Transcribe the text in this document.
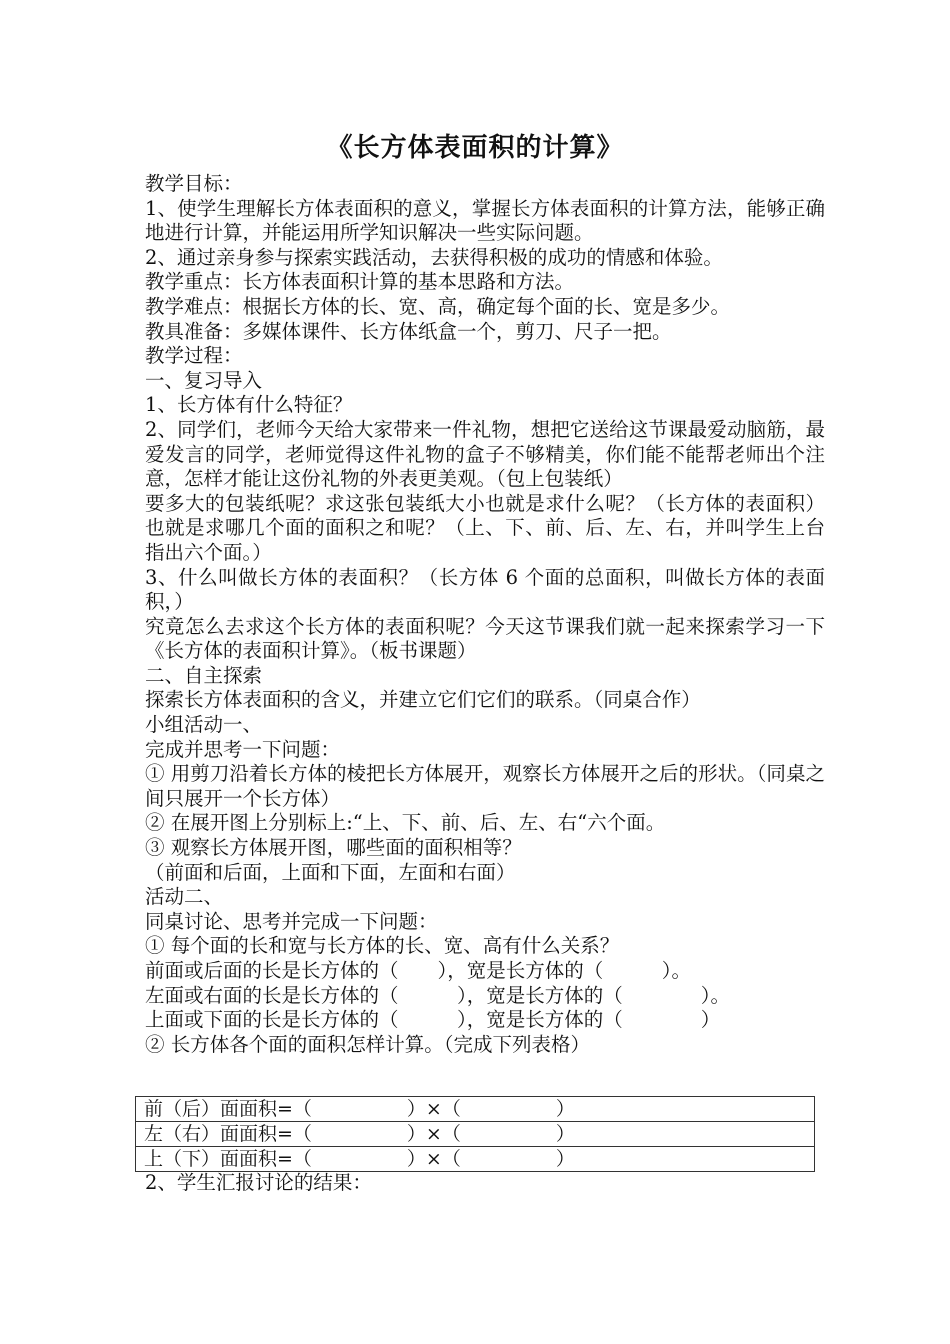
《长方体表面积的计算》

教学目标：

1、使学生理解长方体表面积的意义，掌握长方体表面积的计算方法，能够正确地进行计算，并能运用所学知识解决一些实际问题。

2、通过亲身参与探索实践活动，去获得积极的成功的情感和体验。

教学重点：长方体表面积计算的基本思路和方法。

教学难点：根据长方体的长、宽、高，确定每个面的长、宽是多少。

教具准备：多媒体课件、长方体纸盒一个，剪刀、尺子一把。

教学过程：

一、复习导入

1、长方体有什么特征？

2、同学们，老师今天给大家带来一件礼物，想把它送给这节课最爱动脑筋，最爱发言的同学，老师觉得这件礼物的盒子不够精美，你们能不能帮老师出个注意，怎样才能让这份礼物的外表更美观。（包上包装纸）

要多大的包装纸呢？求这张包装纸大小也就是求什么呢？（长方体的表面积）也就是求哪几个面的面积之和呢？（上、下、前、后、左、右，并叫学生上台指出六个面。）

3、什么叫做长方体的表面积？（长方体 6 个面的总面积，叫做长方体的表面积，）

究竟怎么去求这个长方体的表面积呢？今天这节课我们就一起来探索学习一下《长方体的表面积计算》。（板书课题）

二、自主探索

探索长方体表面积的含义，并建立它们它们的联系。（同桌合作）

小组活动一、

完成并思考一下问题：

① 用剪刀沿着长方体的棱把长方体展开，观察长方体展开之后的形状。（同桌之间只展开一个长方体）

② 在展开图上分别标上:“上、下、前、后、左、右“六个面。

③ 观察长方体展开图，哪些面的面积相等？

（前面和后面，上面和下面，左面和右面）

活动二、

同桌讨论、思考并完成一下问题：

① 每个面的长和宽与长方体的长、宽、高有什么关系？

前面或后面的长是长方体的（　　），宽是长方体的（　　　）。

左面或右面的长是长方体的（　　　），宽是长方体的（　　　　）。

上面或下面的长是长方体的（　　　），宽是长方体的（　　　　）

② 长方体各个面的面积怎样计算。（完成下列表格）

前（后）面面积=（　　　　　）×（　　　　　）
左（右）面面积=（　　　　　）×（　　　　　）
上（下）面面积=（　　　　　）×（　　　　　）
2、学生汇报讨论的结果：
